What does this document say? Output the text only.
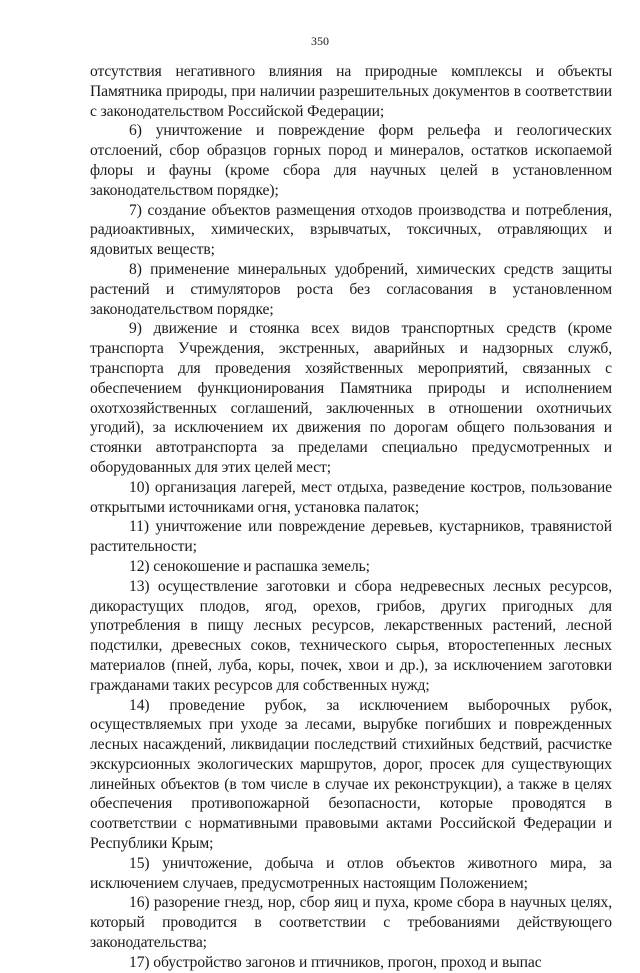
350

отсутствия негативного влияния на природные комплексы и объекты Памятника природы, при наличии разрешительных документов в соответствии с законодательством Российской Федерации;

6) уничтожение и повреждение форм рельефа и геологических отслоений, сбор образцов горных пород и минералов, остатков ископаемой флоры и фауны (кроме сбора для научных целей в установленном законодательством порядке);

7) создание объектов размещения отходов производства и потребления, радиоактивных, химических, взрывчатых, токсичных, отравляющих и ядовитых веществ;

8) применение минеральных удобрений, химических средств защиты растений и стимуляторов роста без согласования в установленном законодательством порядке;

9) движение и стоянка всех видов транспортных средств (кроме транспорта Учреждения, экстренных, аварийных и надзорных служб, транспорта для проведения хозяйственных мероприятий, связанных с обеспечением функционирования Памятника природы и исполнением охотхозяйственных соглашений, заключенных в отношении охотничьих угодий), за исключением их движения по дорогам общего пользования и стоянки автотранспорта за пределами специально предусмотренных и оборудованных для этих целей мест;

10) организация лагерей, мест отдыха, разведение костров, пользование открытыми источниками огня, установка палаток;

11) уничтожение или повреждение деревьев, кустарников, травянистой растительности;

12) сенокошение и распашка земель;

13) осуществление заготовки и сбора недревесных лесных ресурсов, дикорастущих плодов, ягод, орехов, грибов, других пригодных для употребления в пищу лесных ресурсов, лекарственных растений, лесной подстилки, древесных соков, технического сырья, второстепенных лесных материалов (пней, луба, коры, почек, хвои и др.), за исключением заготовки гражданами таких ресурсов для собственных нужд;

14) проведение рубок, за исключением выборочных рубок, осуществляемых при уходе за лесами, вырубке погибших и поврежденных лесных насаждений, ликвидации последствий стихийных бедствий, расчистке экскурсионных экологических маршрутов, дорог, просек для существующих линейных объектов (в том числе в случае их реконструкции), а также в целях обеспечения противопожарной безопасности, которые проводятся в соответствии с нормативными правовыми актами Российской Федерации и Республики Крым;

15) уничтожение, добыча и отлов объектов животного мира, за исключением случаев, предусмотренных настоящим Положением;

16) разорение гнезд, нор, сбор яиц и пуха, кроме сбора в научных целях, который проводится в соответствии с требованиями действующего законодательства;

17) обустройство загонов и птичников, прогон, проход и выпас
